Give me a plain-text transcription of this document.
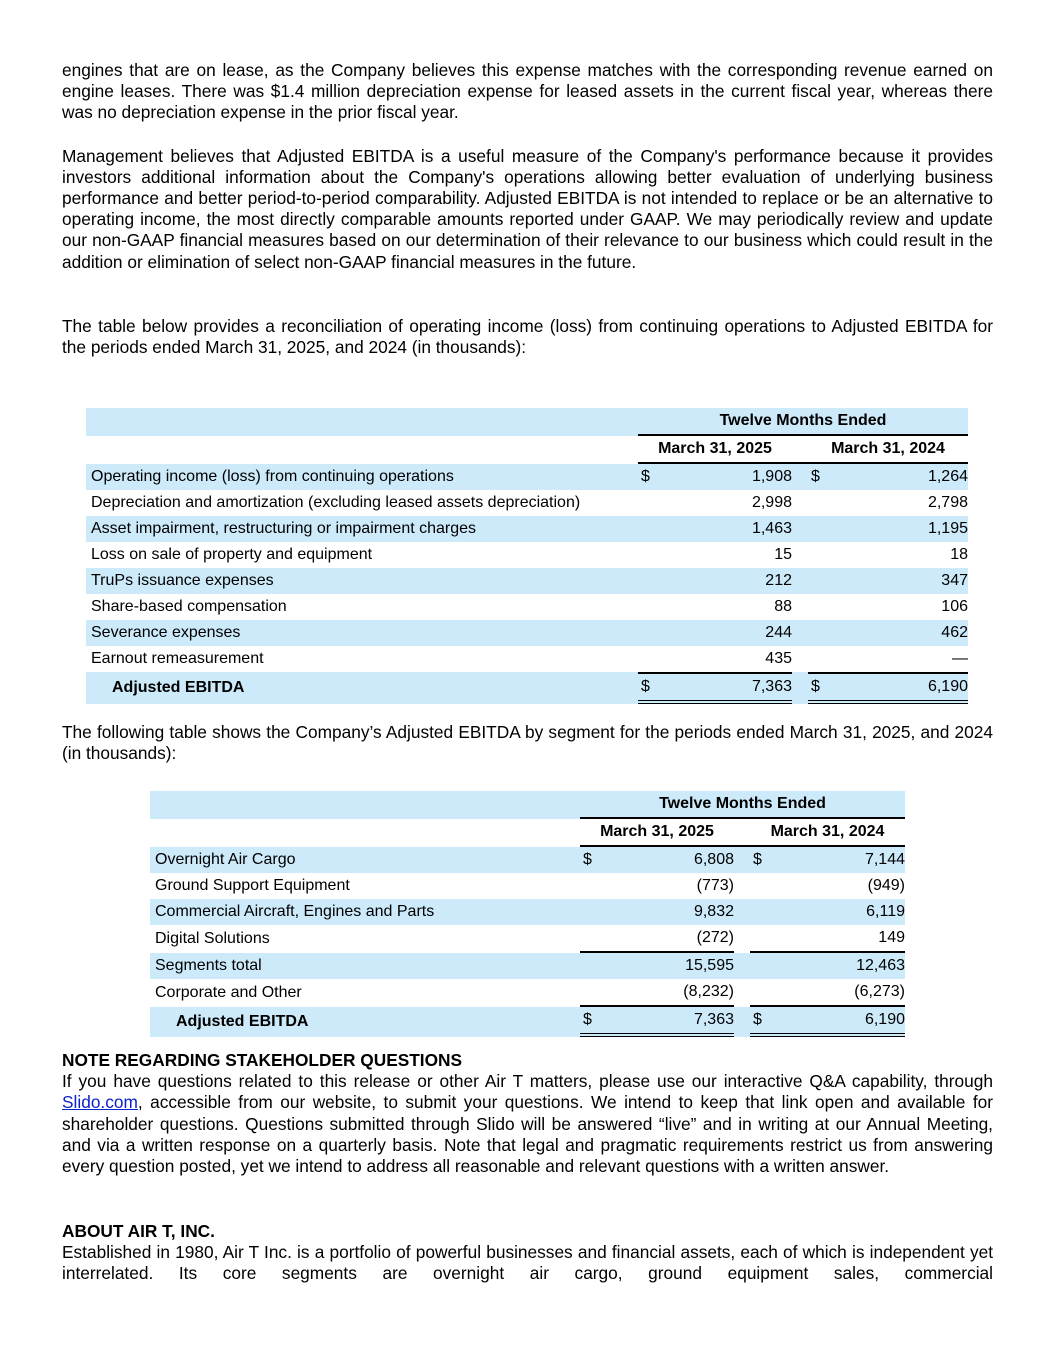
engines that are on lease, as the Company believes this expense matches with the corresponding revenue earned on engine leases. There was $1.4 million depreciation expense for leased assets in the current fiscal year, whereas there was no depreciation expense in the prior fiscal year.

Management believes that Adjusted EBITDA is a useful measure of the Company's performance because it provides investors additional information about the Company's operations allowing better evaluation of underlying business performance and better period-to-period comparability. Adjusted EBITDA is not intended to replace or be an alternative to operating income, the most directly comparable amounts reported under GAAP. We may periodically review and update our non-GAAP financial measures based on our determination of their relevance to our business which could result in the addition or elimination of select non-GAAP financial measures in the future.

The table below provides a reconciliation of operating income (loss) from continuing operations to Adjusted EBITDA for the periods ended March 31, 2025, and 2024 (in thousands):

	Twelve Months Ended				
	March 31, 2025			March 31, 2024	
Operating income (loss) from continuing operations	$	1,908		$	1,264
Depreciation and amortization (excluding leased assets depreciation)		2,998			2,798
Asset impairment, restructuring or impairment charges		1,463			1,195
Loss on sale of property and equipment		15			18
TruPs issuance expenses		212			347
Share-based compensation		88			106
Severance expenses		244			462
Earnout remeasurement		435			—
Adjusted EBITDA	$	7,363		$	6,190

The following table shows the Company’s Adjusted EBITDA by segment for the periods ended March 31, 2025, and 2024 (in thousands):

	Twelve Months Ended				
	March 31, 2025			March 31, 2024	
Overnight Air Cargo	$	6,808		$	7,144
Ground Support Equipment		(773)			(949)
Commercial Aircraft, Engines and Parts		9,832			6,119
Digital Solutions		(272)			149
Segments total		15,595			12,463
Corporate and Other		(8,232)			(6,273)
Adjusted EBITDA	$	7,363		$	6,190

NOTE REGARDING STAKEHOLDER QUESTIONS

If you have questions related to this release or other Air T matters, please use our interactive Q&A capability, through Slido.com, accessible from our website, to submit your questions. We intend to keep that link open and available for shareholder questions. Questions submitted through Slido will be answered “live” and in writing at our Annual Meeting, and via a written response on a quarterly basis. Note that legal and pragmatic requirements restrict us from answering every question posted, yet we intend to address all reasonable and relevant questions with a written answer.

ABOUT AIR T, INC.

Established in 1980, Air T Inc. is a portfolio of powerful businesses and financial assets, each of which is independent yet interrelated. Its core segments are overnight air cargo, ground equipment sales, commercial
